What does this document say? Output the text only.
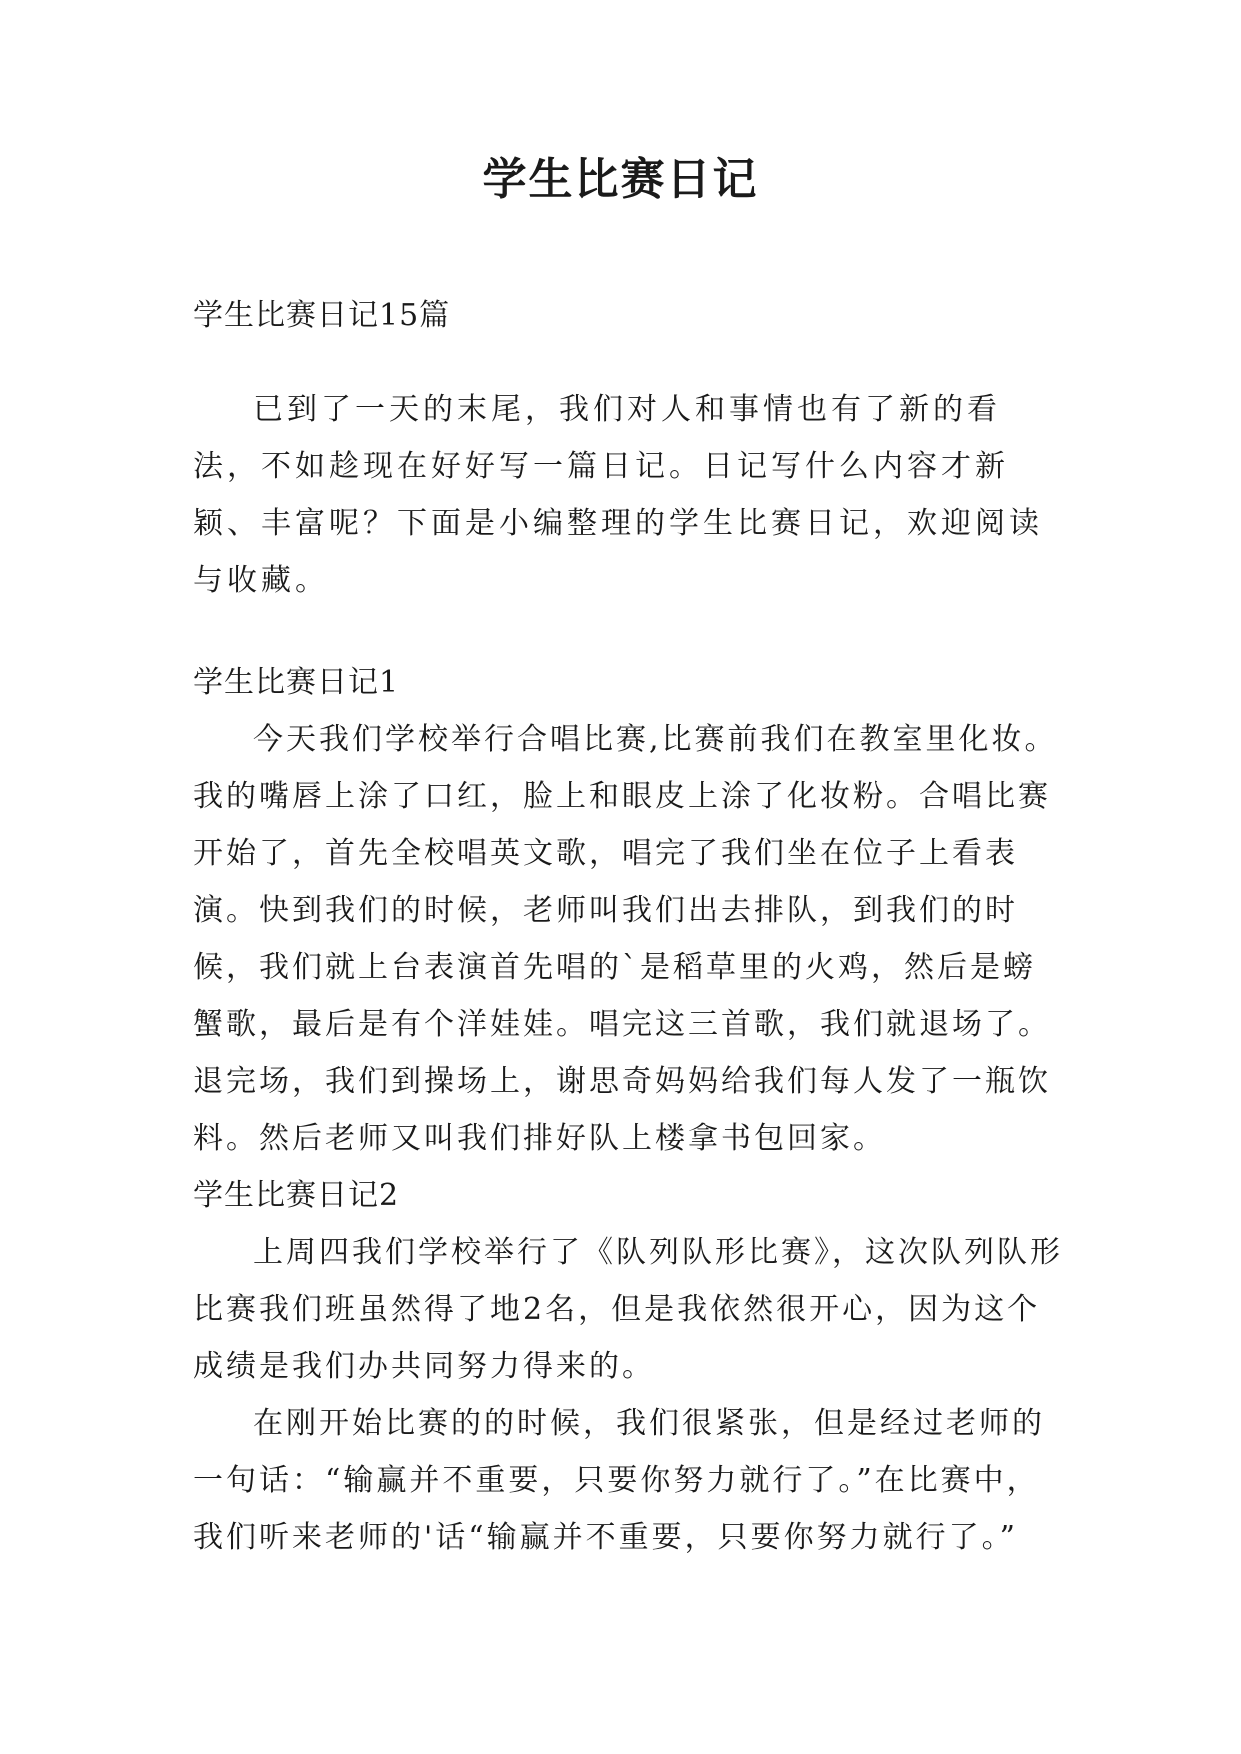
学生比赛日记

学生比赛日记15篇

已到了一天的末尾，我们对人和事情也有了新的看法，不如趁现在好好写一篇日记。日记写什么内容才新颖、丰富呢？下面是小编整理的学生比赛日记，欢迎阅读与收藏。

学生比赛日记1

今天我们学校举行合唱比赛,比赛前我们在教室里化妆。我的嘴唇上涂了口红，脸上和眼皮上涂了化妆粉。合唱比赛开始了，首先全校唱英文歌，唱完了我们坐在位子上看表演。快到我们的时候，老师叫我们出去排队，到我们的时候，我们就上台表演首先唱的`是稻草里的火鸡，然后是螃蟹歌，最后是有个洋娃娃。唱完这三首歌，我们就退场了。退完场，我们到操场上，谢思奇妈妈给我们每人发了一瓶饮料。然后老师又叫我们排好队上楼拿书包回家。

学生比赛日记2

上周四我们学校举行了《队列队形比赛》，这次队列队形比赛我们班虽然得了地2名，但是我依然很开心，因为这个成绩是我们办共同努力得来的。

在刚开始比赛的的时候，我们很紧张，但是经过老师的一句话：“输赢并不重要，只要你努力就行了。”在比赛中，我们听来老师的'话“输赢并不重要，只要你努力就行了。”
